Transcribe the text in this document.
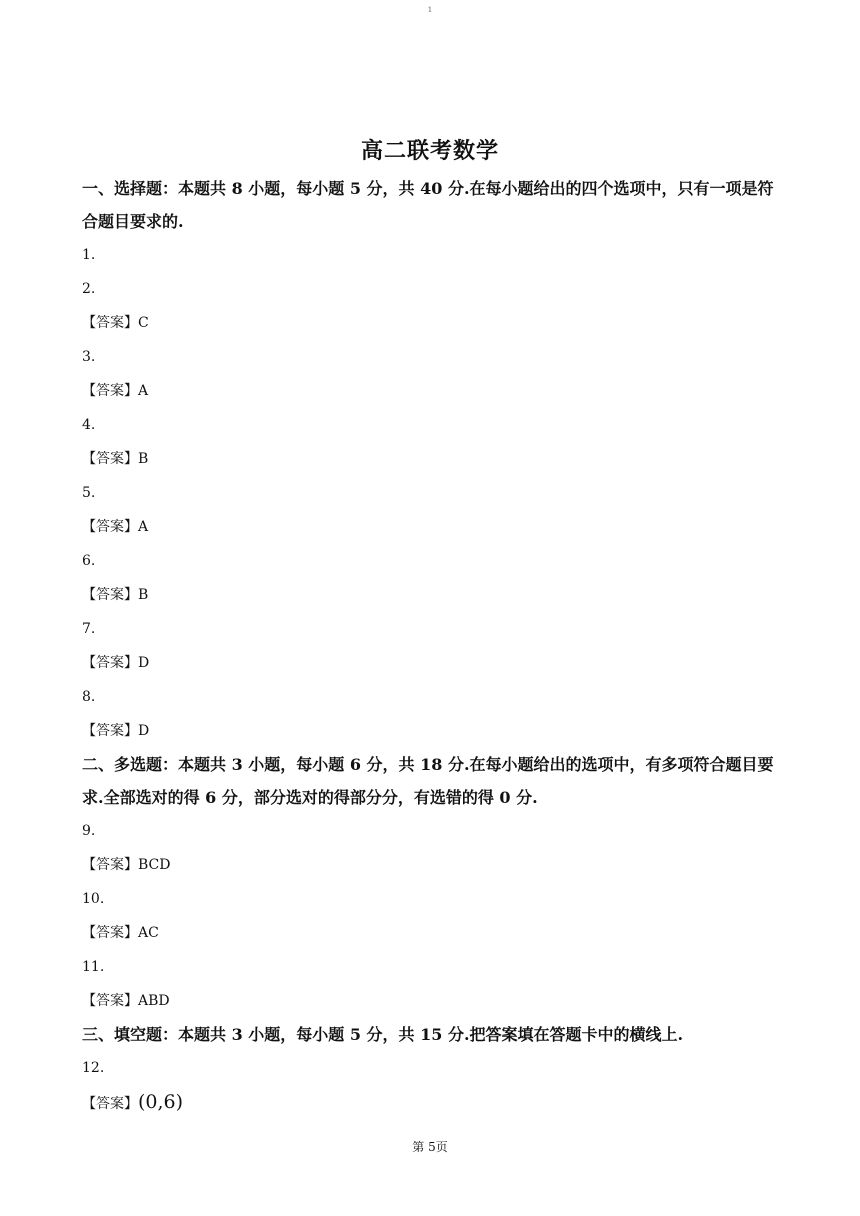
1
高二联考数学

一、选择题：本题共 8 小题，每小题 5 分，共 40 分.在每小题给出的四个选项中，只有一项是符合题目要求的.

1.

2.

【答案】C

3.

【答案】A

4.

【答案】B

5.

【答案】A

6.

【答案】B

7.

【答案】D

8.

【答案】D

二、多选题：本题共 3 小题，每小题 6 分，共 18 分.在每小题给出的选项中，有多项符合题目要求.全部选对的得 6 分，部分选对的得部分分，有选错的得 0 分.

9.

【答案】BCD

10.

【答案】AC

11.

【答案】ABD

三、填空题：本题共 3 小题，每小题 5 分，共 15 分.把答案填在答题卡中的横线上.

12.

【答案】(0,6)

第 5页
